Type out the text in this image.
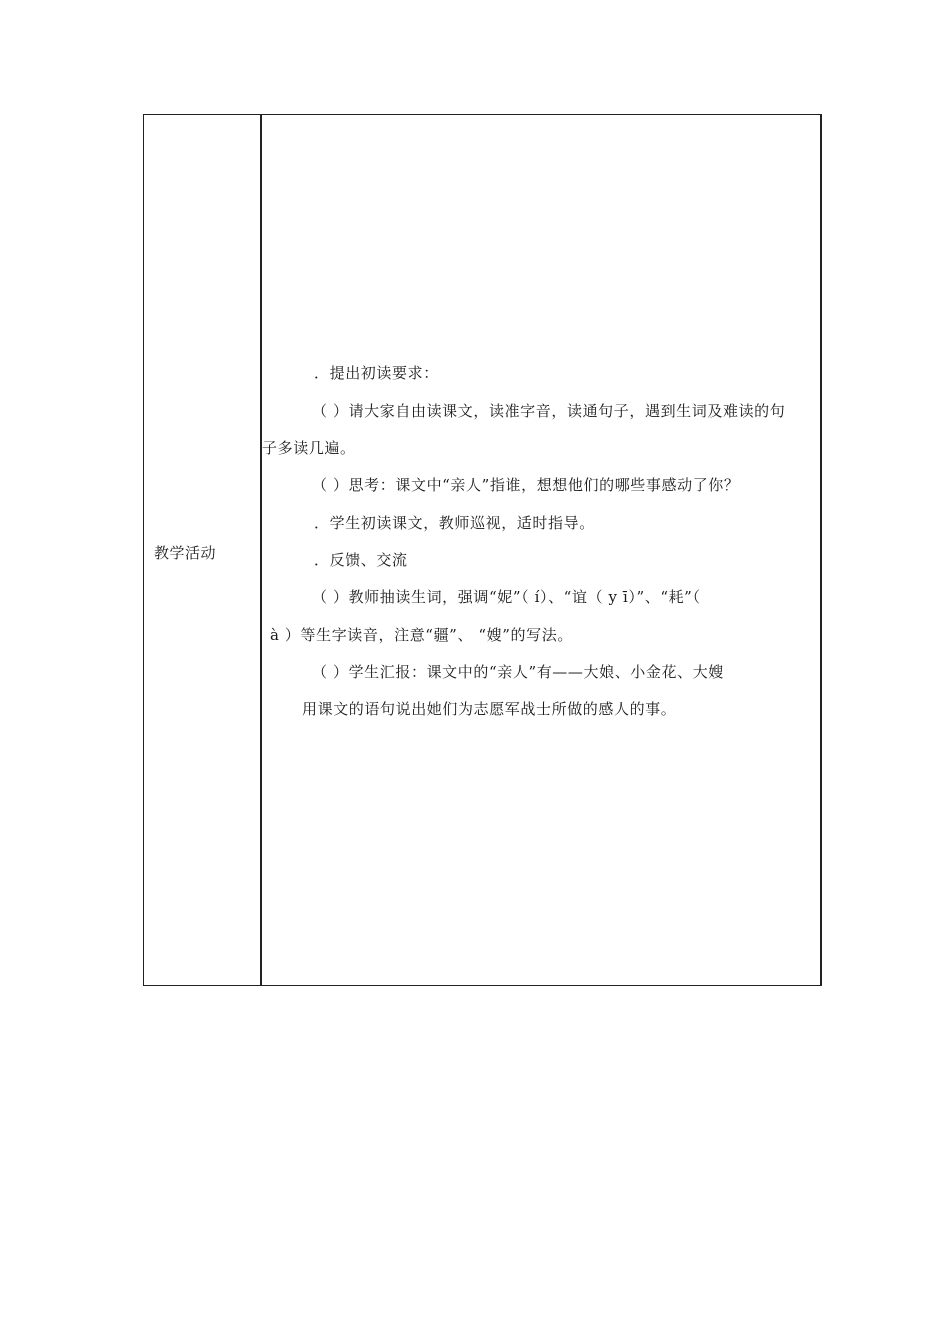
教学活动
．提出初读要求：
（ ）请大家自由读课文，读准字音，读通句子，遇到生词及难读的句
子多读几遍。
（ ）思考：课文中“亲人”指谁，想想他们的哪些事感动了你？
．学生初读课文，教师巡视，适时指导。
．反馈、交流
（ ）教师抽读生词，强调“妮”（ í）、“谊（ y ī）”、“耗”（
à ）等生字读音，注意“疆”、 “嫂”的写法。
（ ）学生汇报：课文中的“亲人”有——大娘、小金花、大嫂
用课文的语句说出她们为志愿军战士所做的感人的事。
